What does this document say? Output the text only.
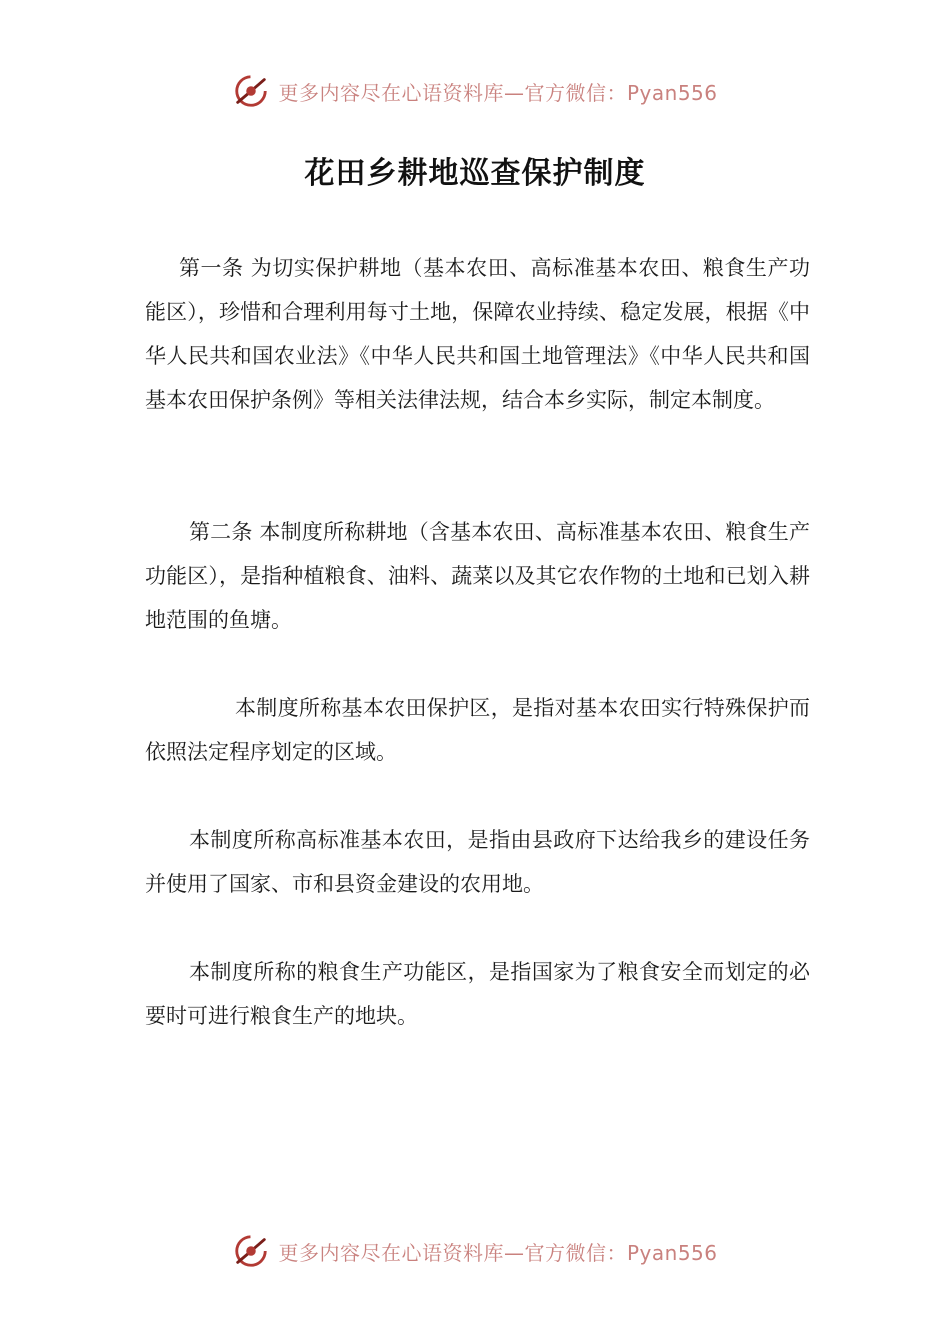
更多内容尽在心语资料库—官方微信：Pyan556
花田乡耕地巡查保护制度

第一条 为切实保护耕地（基本农田、高标准基本农田、粮食生产功能区），珍惜和合理利用每寸土地，保障农业持续、稳定发展，根据《中华人民共和国农业法》《中华人民共和国土地管理法》《中华人民共和国基本农田保护条例》等相关法律法规，结合本乡实际，制定本制度。

第二条 本制度所称耕地（含基本农田、高标准基本农田、粮食生产功能区），是指种植粮食、油料、蔬菜以及其它农作物的土地和已划入耕地范围的鱼塘。

本制度所称基本农田保护区，是指对基本农田实行特殊保护而依照法定程序划定的区域。

本制度所称高标准基本农田，是指由县政府下达给我乡的建设任务并使用了国家、市和县资金建设的农用地。

本制度所称的粮食生产功能区，是指国家为了粮食安全而划定的必要时可进行粮食生产的地块。

更多内容尽在心语资料库—官方微信：Pyan556
